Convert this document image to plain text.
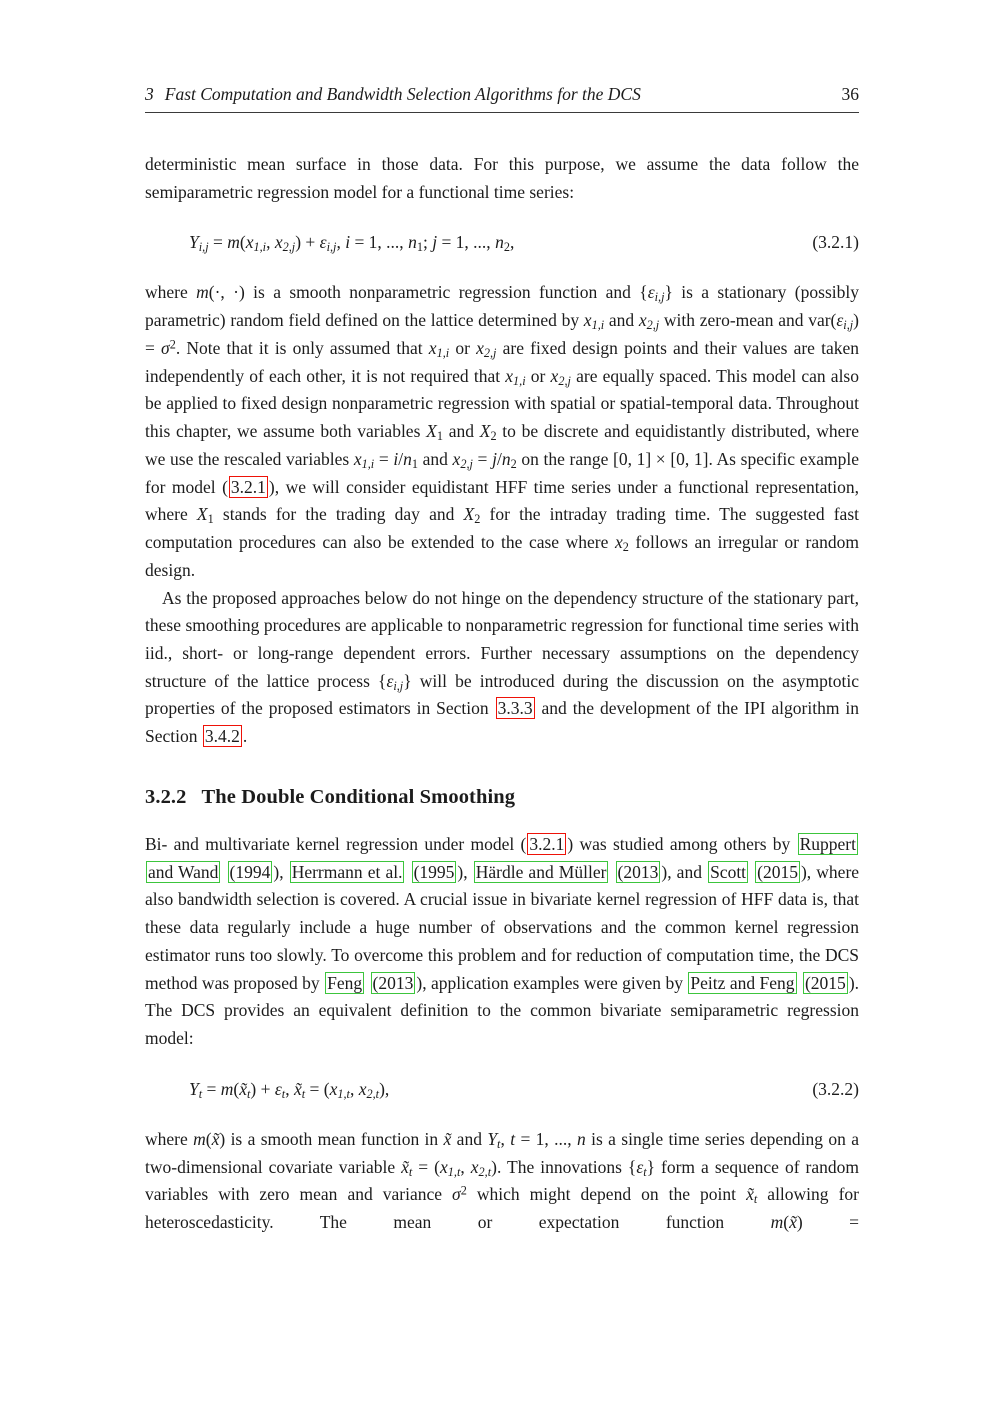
3 Fast Computation and Bandwidth Selection Algorithms for the DCS	36

deterministic mean surface in those data. For this purpose, we assume the data follow the semiparametric regression model for a functional time series:

$Y_{i,j} = m(x_{1,i}$, $x_{2,j}) + \varepsilon_{i,j}$, i = 1, ..., $n_1$; j = 1, ..., $n_2$,	(3.2.1)

where m(·, ·) is a smooth nonparametric regression function and $\{\varepsilon_{i,j}\}$ is a stationary (possibly parametric) random field defined on the lattice determined by $x_{1,i}$ and $x_{2,j}$ with zero-mean and $var(\varepsilon_{i,j}) = \sigma^2$. Note that it is only assumed that $x_{1,i}$ or $x_{2,j}$ are fixed design points and their values are taken independently of each other, it is not required that $x_{1,i}$ or $x_{2,j}$ are equally spaced. This model can also be applied to fixed design nonparametric regression with spatial or spatial-temporal data. Throughout this chapter, we assume both variables $X_1$ and $X_2$ to be discrete and equidistantly distributed, where we use the rescaled variables $x_{1,i} = i/n_1$ and $x_{2,j} = j/n_2$ on the range [0, 1] × [0, 1]. As specific example for model ( 3.2.1 ), we will consider equidistant HFF time series under a functional representation, where $X_1$ stands for the trading day and $X_2$ for the intraday trading time. The suggested fast computation procedures can also be extended to the case where $x_2$ follows an irregular or random design.

As the proposed approaches below do not hinge on the dependency structure of the stationary part, these smoothing procedures are applicable to nonparametric regression for functional time series with iid., short- or long-range dependent errors. Further necessary assumptions on the dependency structure of the lattice process $\{\varepsilon_{i,j}\}$ will be introduced during the discussion on the asymptotic properties of the proposed estimators in Section 3.3.3 and the development of the IPI algorithm in Section 3.4.2 .

3.2.2 The Double Conditional Smoothing

Bi- and multivariate kernel regression under model ( 3.2.1 ) was studied among others by Ruppert and Wand (1994 ), Herrmann et al. (1995 ), Härdle and Müller (2013 ), and Scott (2015 ), where also bandwidth selection is covered. A crucial issue in bivariate kernel regression of HFF data is, that these data regularly include a huge number of observations and the common kernel regression estimator runs too slowly. To overcome this problem and for reduction of computation time, the DCS method was proposed by Feng (2013 ), application examples were given by Peitz and Feng (2015 ). The DCS provides an equivalent definition to the common bivariate semiparametric regression model:

$Y_t$ = $m(x̃_t) + \varepsilon_t$, $x̃_t = (x_{1,t}$, $x_{2,t}$),	(3.2.2)

where m(x̃) is a smooth mean function in x̃ and $Y_t$, t = 1, ..., n is a single time series depending on a two-dimensional covariate variable $x̃_t = (x_{1,t}$, $x_{2,t}$). The innovations $\{\varepsilon_t\}$ form a sequence of random variables with zero mean and variance $\sigma^2$ which might depend on the point $x̃_t$ allowing for heteroscedasticity. The mean or expectation function m(x̃) =
